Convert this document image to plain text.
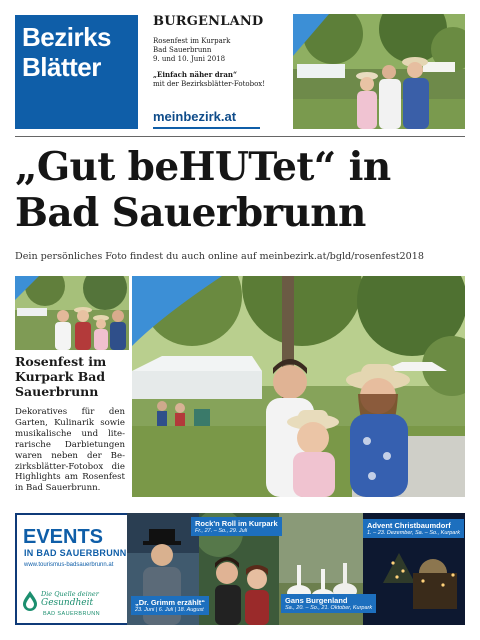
Bezirks
Blätter
BURGENLAND
Rosenfest im Kurpark
Bad Sauerbrunn
9. und 10. Juni 2018
„Einfach näher dran“
mit der Bezirksblätter-Fotobox!
meinbezirk.at
„Gut beHUTet“ in
Bad Sauerbrunn
Dein persönliches Foto findest du auch online auf meinbezirk.at/bgld/rosenfest2018
Rosenfest im
Kurpark Bad
Sauerbrunn

Dekoratives für den Garten, Kulinarik sowie musikalische und literarische Darbietungen waren neben der Bezirksblätter-Fotobox die Highlights am Rosenfest in Bad Sauerbrunn.

EVENTS
IN BAD SAUERBRUNN
www.tourismus-badsauerbrunn.at
Die Quelle deiner
Gesundheit
BAD SAUERBRUNN
Rock'n Roll im Kurpark
Fr., 27. – So., 29. Juli
Advent Christbaumdorf
1. – 23. Dezember, Sa. – So., Kurpark
„Dr. Grimm erzählt“
23. Juni | 6. Juli | 18. August
Gans Burgenland
Sa., 20. – So., 21. Oktober, Kurpark
